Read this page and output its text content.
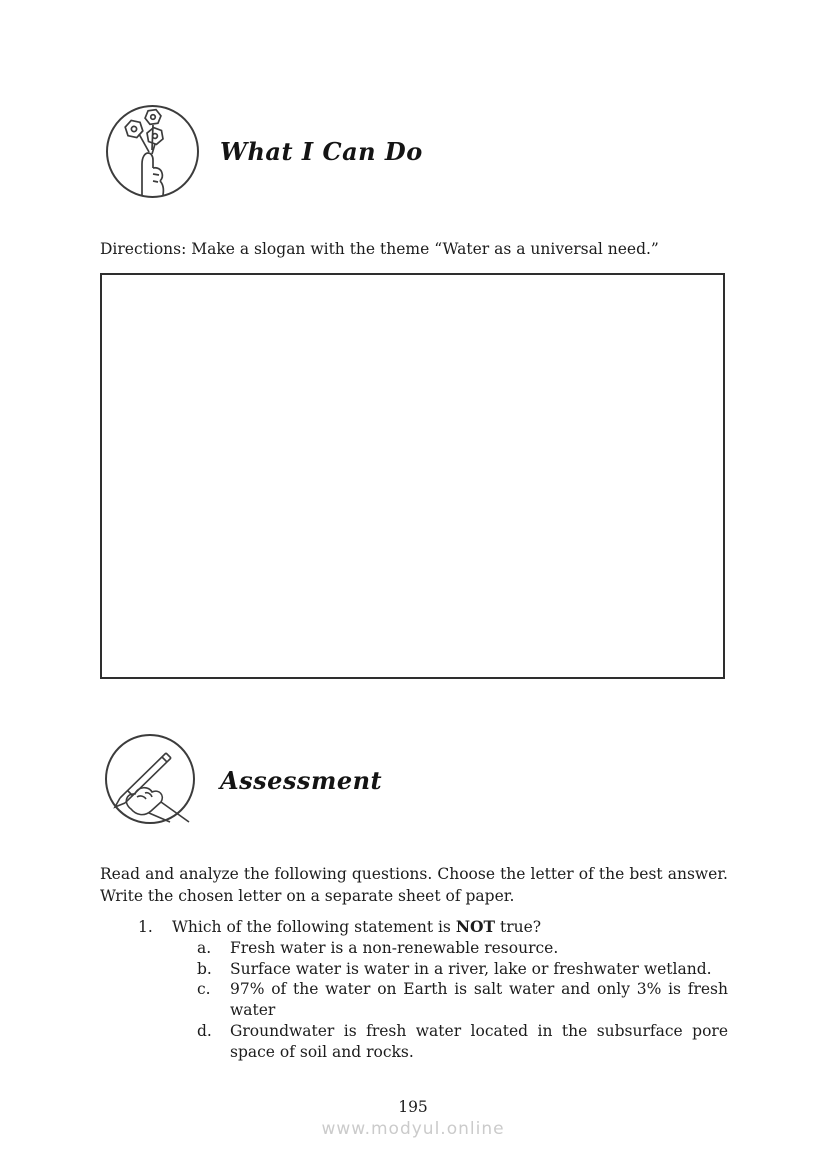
What I Can Do
Directions: Make a slogan with the theme “Water as a universal need.”
Assessment
Read and analyze the following questions. Choose the letter of the best answer.
Write the chosen letter on a separate sheet of paper.
1.	Which of the following statement is NOT true?
a.	Fresh water is a non-renewable resource.
b.	Surface water is water in a river, lake or freshwater wetland.
c.	97% of the water on Earth is salt water and only 3% is fresh water
d.	Groundwater is fresh water located in the subsurface pore space of soil and rocks.
195
www.modyul.online
